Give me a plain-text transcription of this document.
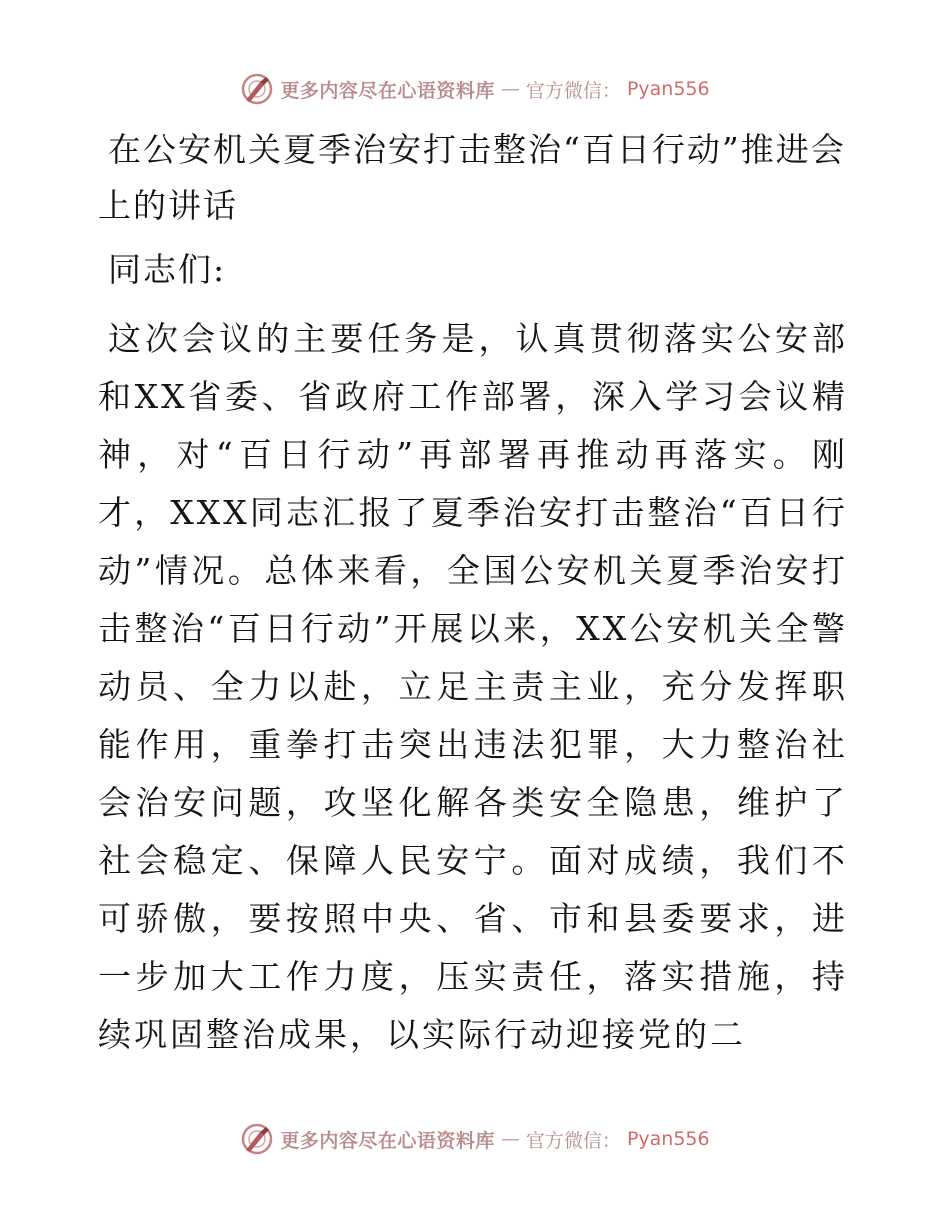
更多内容尽在心语资料库 — 官方微信： Pyan556
在公安机关夏季治安打击整治“百日行动”推进会上的讲话

同志们:

这次会议的主要任务是，认真贯彻落实公安部和XX省委、省政府工作部署，深入学习会议精神，对“百日行动”再部署再推动再落实。刚才，XXX同志汇报了夏季治安打击整治“百日行动”情况。总体来看，全国公安机关夏季治安打击整治“百日行动”开展以来，XX公安机关全警动员、全力以赴，立足主责主业，充分发挥职能作用，重拳打击突出违法犯罪，大力整治社会治安问题，攻坚化解各类安全隐患，维护了社会稳定、保障人民安宁。面对成绩，我们不可骄傲，要按照中央、省、市和县委要求，进一步加大工作力度，压实责任，落实措施，持续巩固整治成果，以实际行动迎接党的二

更多内容尽在心语资料库 — 官方微信： Pyan556
